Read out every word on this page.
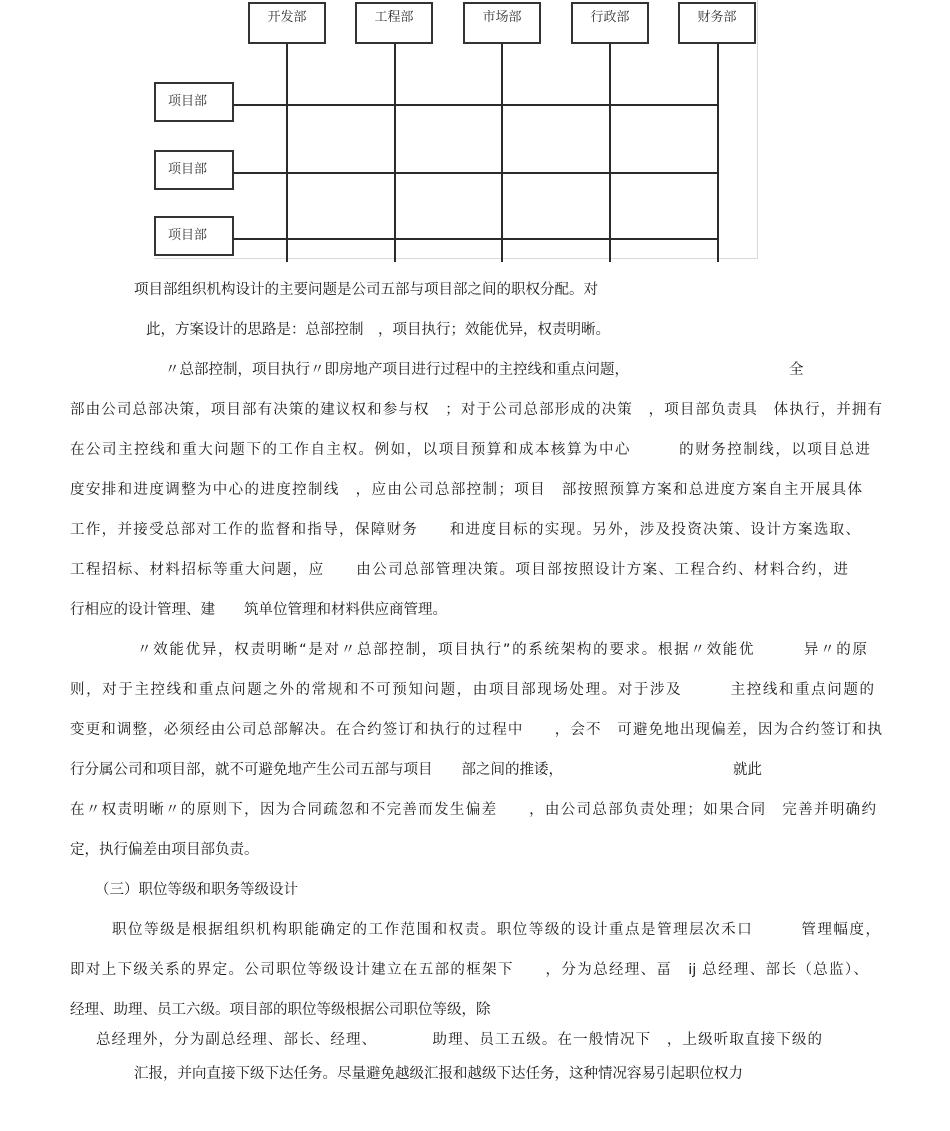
开发部	工程部	市场部	行政部	财务部
项目部
项目部
项目部
项目部组织机构设计的主要问题是公司五部与项目部之间的职权分配。对
此，方案设计的思路是：总部控制　，项目执行；效能优异，权责明晰。
〃总部控制，项目执行〃即房地产项目进行过程中的主控线和重点问题，	全
部由公司总部决策，项目部有决策的建议权和参与权　；对于公司总部形成的决策　，项目部负责具　体执行，并拥有
在公司主控线和重大问题下的工作自主权。例如，以项目预算和成本核算为中心　　　的财务控制线，以项目总进
度安排和进度调整为中心的进度控制线　，应由公司总部控制；项目　部按照预算方案和总进度方案自主开展具体
工作，并接受总部对工作的监督和指导，保障财务　　和进度目标的实现。另外，涉及投资决策、设计方案选取、
工程招标、材料招标等重大问题，应　　由公司总部管理决策。项目部按照设计方案、工程合约、材料合约，进
行相应的设计管理、建　　筑单位管理和材料供应商管理。
〃效能优异，权责明晰“是对〃总部控制，项目执行”的系统架构的要求。根据〃效能优　　　异〃的原
则，对于主控线和重点问题之外的常规和不可预知问题，由项目部现场处理。对于涉及　　　主控线和重点问题的
变更和调整，必须经由公司总部解决。在合约签订和执行的过程中　　，会不　可避免地出现偏差，因为合约签订和执
行分属公司和项目部，就不可避免地产生公司五部与项目　　部之间的推诿，	就此
在〃权责明晰〃的原则下，因为合同疏忽和不完善而发生偏差　　，由公司总部负责处理；如果合同　完善并明确约
定，执行偏差由项目部负责。
（三）职位等级和职务等级设计
职位等级是根据组织机构职能确定的工作范围和权责。职位等级的设计重点是管理层次禾口　　　管理幅度，
即对上下级关系的界定。公司职位等级设计建立在五部的框架下　　，分为总经理、畐　ij 总经理、部长（总监）、
经理、助理、员工六级。项目部的职位等级根据公司职位等级，除
总经理外，分为副总经理、部长、经理、　　　　助理、员工五级。在一般情况下　，上级听取直接下级的
汇报，并向直接下级下达任务。尽量避免越级汇报和越级下达任务，这种情况容易引起职位权力
